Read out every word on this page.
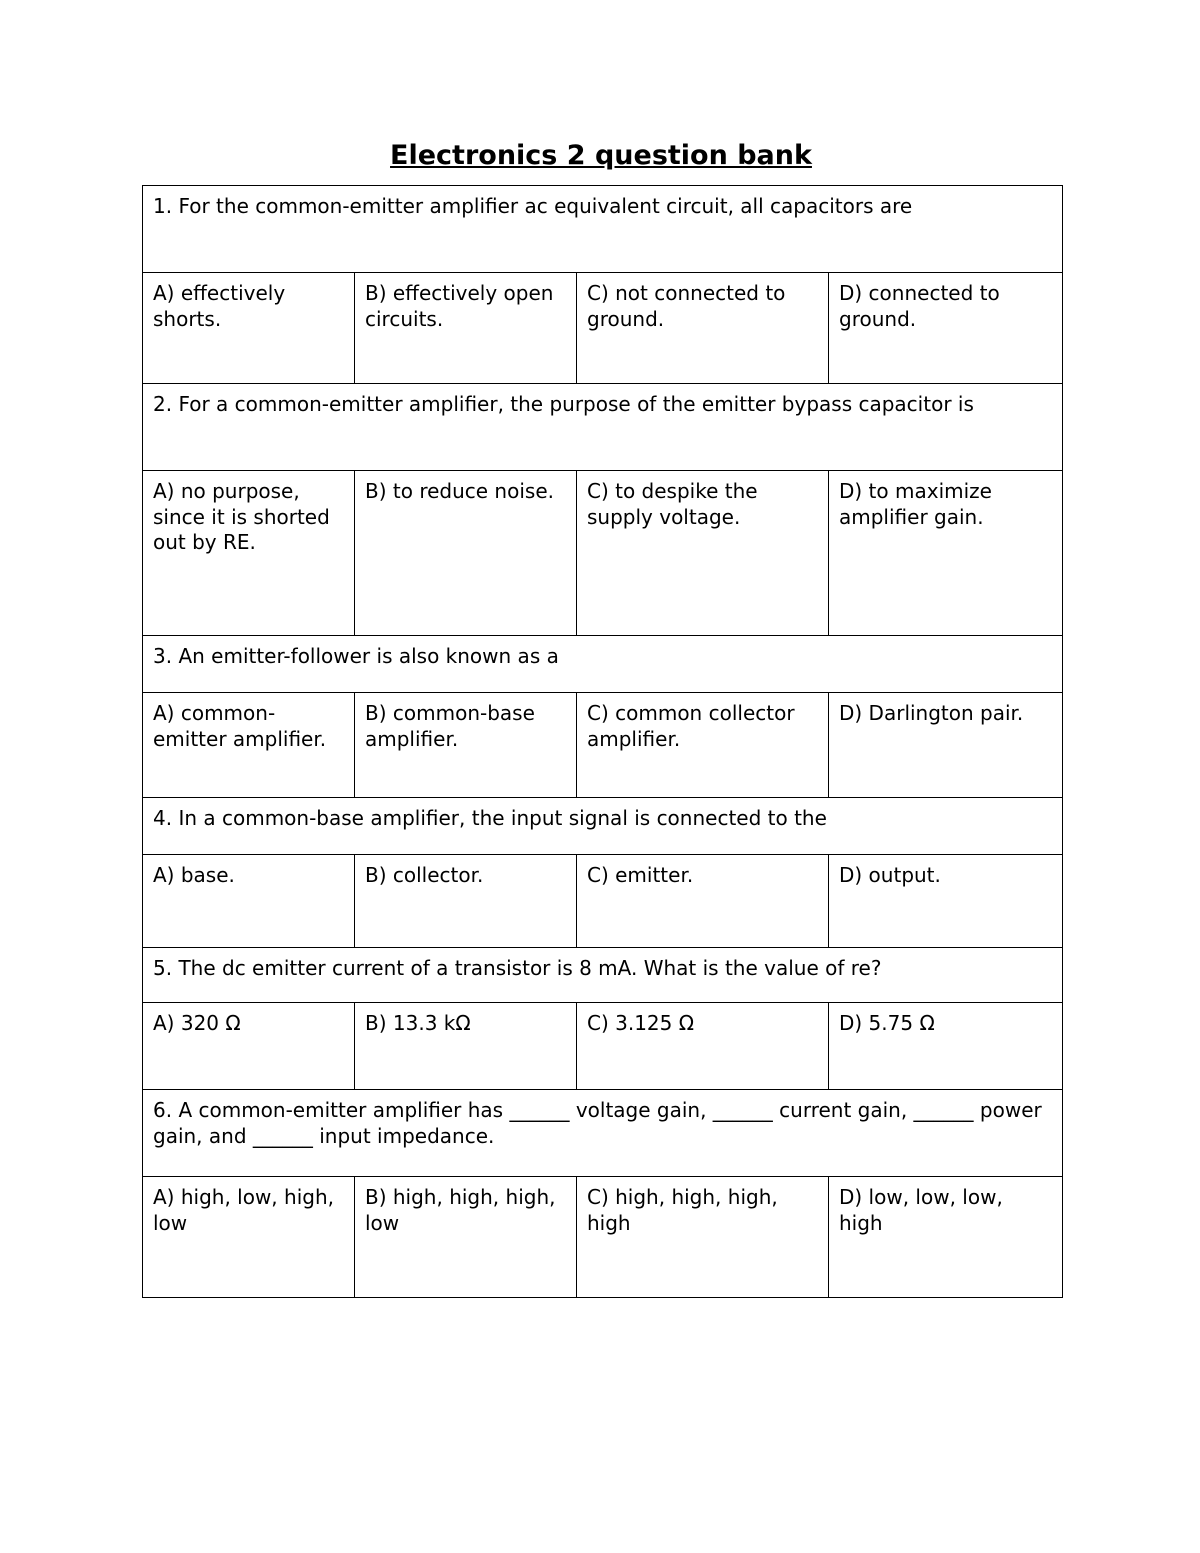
Electronics 2 question bank
1. For the common-emitter amplifier ac equivalent circuit, all capacitors are			
A) effectively shorts.	B) effectively open circuits.	C) not connected to ground.	D) connected to ground.
2. For a common-emitter amplifier, the purpose of the emitter bypass capacitor is			
A) no purpose, since it is shorted out by RE.	B) to reduce noise.	C) to despike the supply voltage.	D) to maximize amplifier gain.
3. An emitter-follower is also known as a			
A) common-emitter amplifier.	B) common-base amplifier.	C) common collector amplifier.	D) Darlington pair.
4. In a common-base amplifier, the input signal is connected to the			
A) base.	B) collector.	C) emitter.	D) output.
5. The dc emitter current of a transistor is 8 mA. What is the value of re?			
A) 320 Ω	B) 13.3 kΩ	C) 3.125 Ω	D) 5.75 Ω
6. A common-emitter amplifier has ______ voltage gain, ______ current gain, ______ power gain, and ______ input impedance.			
A) high, low, high, low	B) high, high, high, low	C) high, high, high, high	D) low, low, low, high
